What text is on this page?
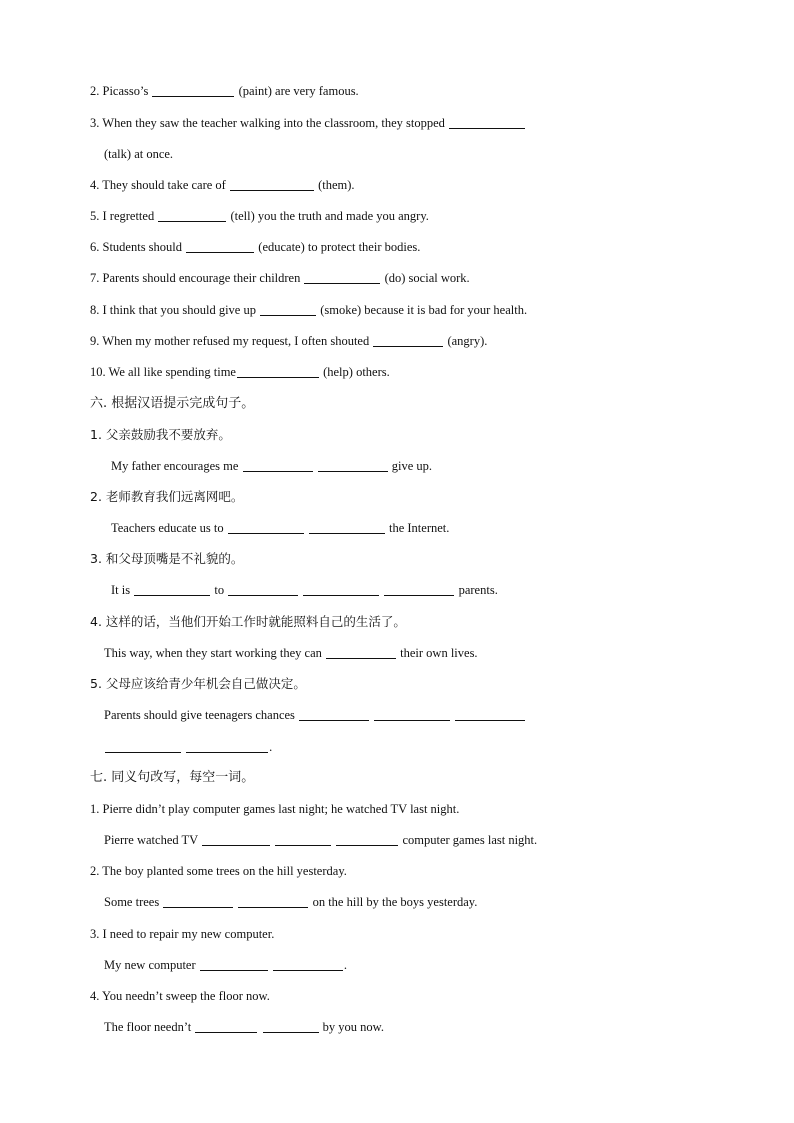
2. Picasso’s	(paint) are very famous.
3. When they saw the teacher walking into the classroom, they stopped
(talk) at once.
4. They should take care of	(them).
5. I regretted	(tell) you the truth and made you angry.
6. Students should	(educate) to protect their bodies.
7. Parents should encourage their children	(do) social work.
8. I think that you should give up	(smoke) because it is bad for your health.
9. When my mother refused my request, I often shouted	(angry).
10. We all like spending time	(help) others.
六. 根据汉语提示完成句子。
1. 父亲鼓励我不要放弃。
My father encourages me	give up.
2. 老师教育我们远离网吧。
Teachers educate us to	the Internet.
3. 和父母顶嘴是不礼貌的。
It is	to	parents.
4. 这样的话，当他们开始工作时就能照料自己的生活了。
This way, when they start working they can	their own lives.
5. 父母应该给青少年机会自己做决定。
Parents should give teenagers chances
.
七. 同义句改写，每空一词。
1. Pierre didn’t play computer games last night; he watched TV last night.
Pierre watched TV	computer games last night.
2. The boy planted some trees on the hill yesterday.
Some trees	on the hill by the boys yesterday.
3. I need to repair my new computer.
My new computer	.
4. You needn’t sweep the floor now.
The floor needn’t	by you now.
